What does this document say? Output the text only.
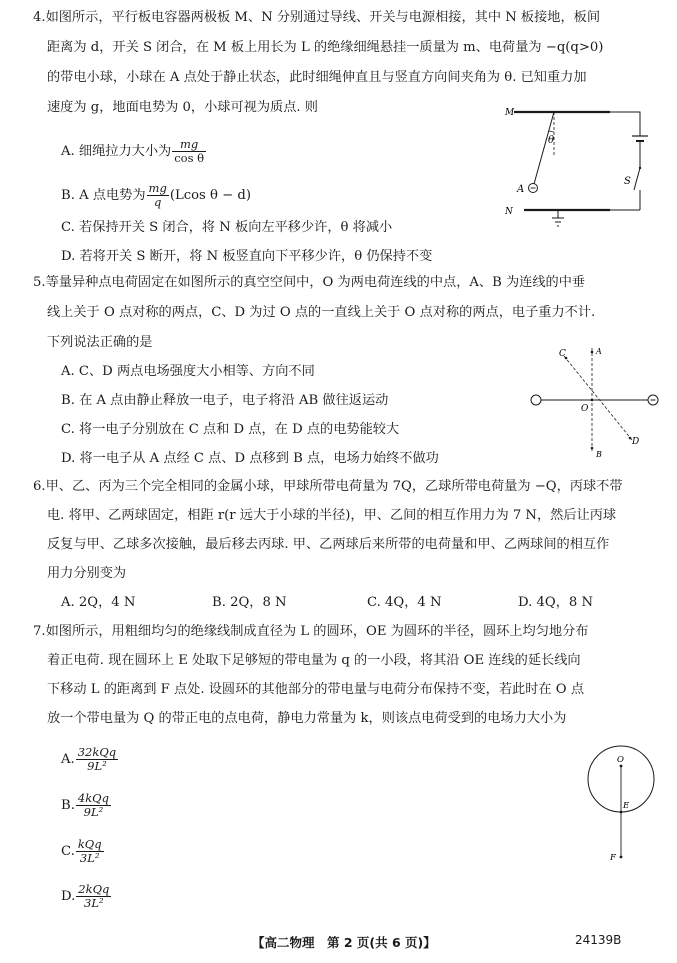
4.如图所示，平行板电容器两极板 M、N 分别通过导线、开关与电源相接，其中 N 板接地，板间
距离为 d，开关 S 闭合，在 M 板上用长为 L 的绝缘细绳悬挂一质量为 m、电荷量为 −q(q>0)
的带电小球，小球在 A 点处于静止状态，此时细绳伸直且与竖直方向间夹角为 θ. 已知重力加
速度为 g，地面电势为 0，小球可视为质点. 则
A. 细绳拉力大小为 $\frac{mg}{\text{cos θ}}$
B. A 点电势为 $\frac{mg}{q} (Lcos$ θ − d)
C. 若保持开关 S 闭合，将 N 板向左平移少许，θ 将减小
D. 若将开关 S 断开，将 N 板竖直向下平移少许，θ 仍保持不变
M
N
A
S
θ
5.等量异种点电荷固定在如图所示的真空空间中，O 为两电荷连线的中点，A、B 为连线的中垂
线上关于 O 点对称的两点，C、D 为过 O 点的一直线上关于 O 点对称的两点，电子重力不计.
下列说法正确的是
A. C、D 两点电场强度大小相等、方向不同
B. 在 A 点由静止释放一电子，电子将沿 AB 做往返运动
C. 将一电子分别放在 C 点和 D 点，在 D 点的电势能较大
D. 将一电子从 A 点经 C 点、D 点移到 B 点，电场力始终不做功
A
B
C
D
O
6.甲、乙、丙为三个完全相同的金属小球，甲球所带电荷量为 7Q，乙球所带电荷量为 −Q，丙球不带
电. 将甲、乙两球固定，相距 r(r 远大于小球的半径)，甲、乙间的相互作用力为 7 N，然后让丙球
反复与甲、乙球多次接触，最后移去丙球. 甲、乙两球后来所带的电荷量和甲、乙两球间的相互作
用力分别变为
A. 2Q，4 N	B. 2Q，8 N	C. 4Q，4 N	D. 4Q，8 N
7.如图所示，用粗细均匀的绝缘线制成直径为 L 的圆环，OE 为圆环的半径，圆环上均匀地分布
着正电荷. 现在圆环上 E 处取下足够短的带电量为 q 的一小段，将其沿 OE 连线的延长线向
下移动 L 的距离到 F 点处. 设圆环的其他部分的带电量与电荷分布保持不变，若此时在 O 点
放一个带电量为 Q 的带正电的点电荷，静电力常量为 k，则该点电荷受到的电场力大小为
A. $\frac{\text{32kQq}}{\text{9L²}}$
B. $\frac{\text{4kQq}}{\text{9L²}}$
C. $\frac{\text{kQq}}{\text{3L²}}$
D. $\frac{\text{2kQq}}{\text{3L²}}$
O
E
F
【高二物理　第 2 页(共 6 页)】	24139B
